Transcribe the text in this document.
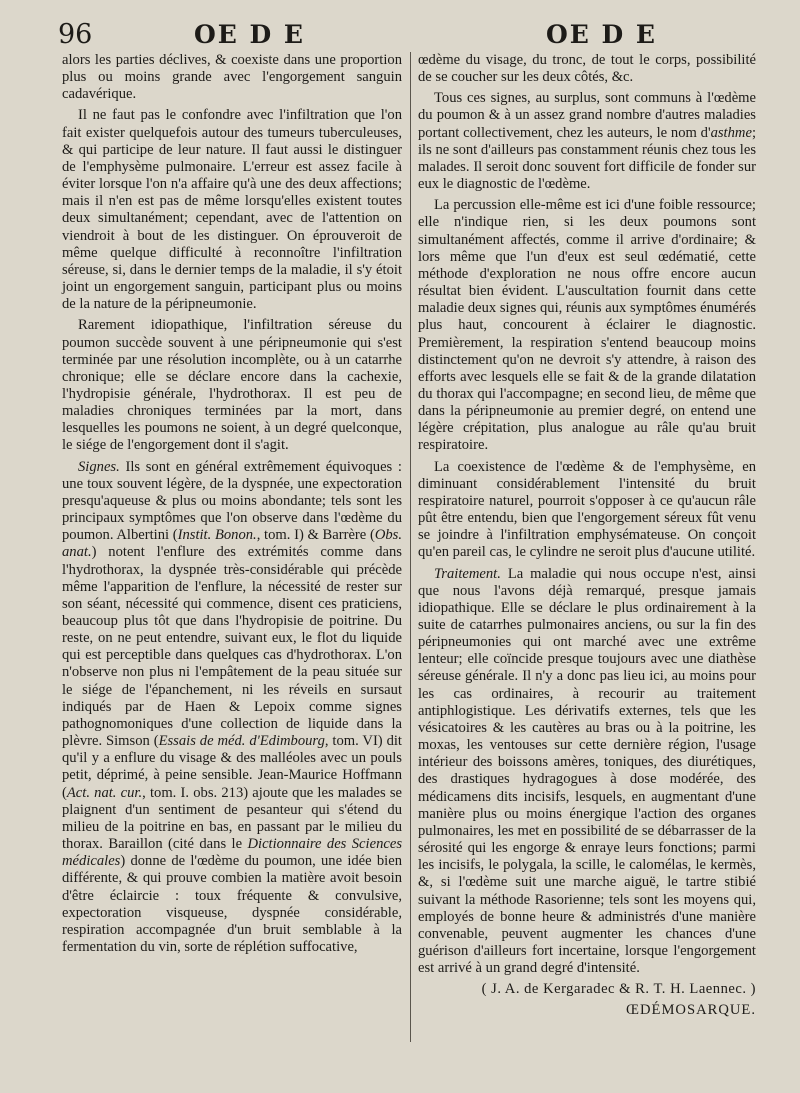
96	OE D E	OE D E

alors les parties déclives, & coexiste dans une proportion plus ou moins grande avec l'engorgement sanguin cadavérique.

Il ne faut pas le confondre avec l'infiltration que l'on fait exister quelquefois autour des tumeurs tuberculeuses, & qui participe de leur nature. Il faut aussi le distinguer de l'emphysème pulmonaire. L'erreur est assez facile à éviter lorsque l'on n'a affaire qu'à une des deux affections; mais il n'en est pas de même lorsqu'elles existent toutes deux simultanément; cependant, avec de l'attention on viendroit à bout de les distinguer. On éprouveroit de même quelque difficulté à reconnoître l'infiltration séreuse, si, dans le dernier temps de la maladie, il s'y étoit joint un engorgement sanguin, participant plus ou moins de la nature de la péripneumonie.

Rarement idiopathique, l'infiltration séreuse du poumon succède souvent à une péripneumonie qui s'est terminée par une résolution incomplète, ou à un catarrhe chronique; elle se déclare encore dans la cachexie, l'hydropisie générale, l'hydrothorax. Il est peu de maladies chroniques terminées par la mort, dans lesquelles les poumons ne soient, à un degré quelconque, le siége de l'engorgement dont il s'agit.

Signes. Ils sont en général extrêmement équivoques : une toux souvent légère, de la dyspnée, une expectoration presqu'aqueuse & plus ou moins abondante; tels sont les principaux symptômes que l'on observe dans l'œdème du poumon. Albertini (Instit. Bonon., tom. I) & Barrère (Obs. anat.) notent l'enflure des extrémités comme dans l'hydrothorax, la dyspnée très-considérable qui précède même l'apparition de l'enflure, la nécessité de rester sur son séant, nécessité qui commence, disent ces praticiens, beaucoup plus tôt que dans l'hydropisie de poitrine. Du reste, on ne peut entendre, suivant eux, le flot du liquide qui est perceptible dans quelques cas d'hydrothorax. L'on n'observe non plus ni l'empâtement de la peau située sur le siége de l'épanchement, ni les réveils en sursaut indiqués par de Haen & Lepoix comme signes pathognomoniques d'une collection de liquide dans la plèvre. Simson (Essais de méd. d'Edimbourg, tom. VI) dit qu'il y a enflure du visage & des malléoles avec un pouls petit, déprimé, à peine sensible. Jean-Maurice Hoffmann (Act. nat. cur., tom. I. obs. 213) ajoute que les malades se plaignent d'un sentiment de pesanteur qui s'étend du milieu de la poitrine en bas, en passant par le milieu du thorax. Baraillon (cité dans le Dictionnaire des Sciences médicales) donne de l'œdème du poumon, une idée bien différente, & qui prouve combien la matière avoit besoin d'être éclaircie : toux fréquente & convulsive, expectoration visqueuse, dyspnée considérable, respiration accompagnée d'un bruit semblable à la fermentation du vin, sorte de réplétion suffocative,

œdème du visage, du tronc, de tout le corps, possibilité de se coucher sur les deux côtés, &c.

Tous ces signes, au surplus, sont communs à l'œdème du poumon & à un assez grand nombre d'autres maladies portant collectivement, chez les auteurs, le nom d'asthme; ils ne sont d'ailleurs pas constamment réunis chez tous les malades. Il seroit donc souvent fort difficile de fonder sur eux le diagnostic de l'œdème.

La percussion elle-même est ici d'une foible ressource; elle n'indique rien, si les deux poumons sont simultanément affectés, comme il arrive d'ordinaire; & lors même que l'un d'eux est seul œdématié, cette méthode d'exploration ne nous offre encore aucun résultat bien évident. L'auscultation fournit dans cette maladie deux signes qui, réunis aux symptômes énumérés plus haut, concourent à éclairer le diagnostic. Premièrement, la respiration s'entend beaucoup moins distinctement qu'on ne devroit s'y attendre, à raison des efforts avec lesquels elle se fait & de la grande dilatation du thorax qui l'accompagne; en second lieu, de même que dans la péripneumonie au premier degré, on entend une légère crépitation, plus analogue au râle qu'au bruit respiratoire.

La coexistence de l'œdème & de l'emphysème, en diminuant considérablement l'intensité du bruit respiratoire naturel, pourroit s'opposer à ce qu'aucun râle pût être entendu, bien que l'engorgement séreux fût venu se joindre à l'infiltration emphysémateuse. On conçoit qu'en pareil cas, le cylindre ne seroit plus d'aucune utilité.

Traitement. La maladie qui nous occupe n'est, ainsi que nous l'avons déjà remarqué, presque jamais idiopathique. Elle se déclare le plus ordinairement à la suite de catarrhes pulmonaires anciens, ou sur la fin des péripneumonies qui ont marché avec une extrême lenteur; elle coïncide presque toujours avec une diathèse séreuse générale. Il n'y a donc pas lieu ici, au moins pour les cas ordinaires, à recourir au traitement antiphlogistique. Les dérivatifs externes, tels que les vésicatoires & les cautères au bras ou à la poitrine, les moxas, les ventouses sur cette dernière région, l'usage intérieur des boissons amères, toniques, des diurétiques, des drastiques hydragogues à dose modérée, des médicamens dits incisifs, lesquels, en augmentant d'une manière plus ou moins énergique l'action des organes pulmonaires, les met en possibilité de se débarrasser de la sérosité qui les engorge & enraye leurs fonctions; parmi les incisifs, le polygala, la scille, le calomélas, le kermès, &, si l'œdème suit une marche aiguë, le tartre stibié suivant la méthode Rasorienne; tels sont les moyens qui, employés de bonne heure & administrés d'une manière convenable, peuvent augmenter les chances d'une guérison d'ailleurs fort incertaine, lorsque l'engorgement est arrivé à un grand degré d'intensité.

( J. A. de Kergaradec & R. T. H. Laennec. )

ŒDÉMOSARQUE.
